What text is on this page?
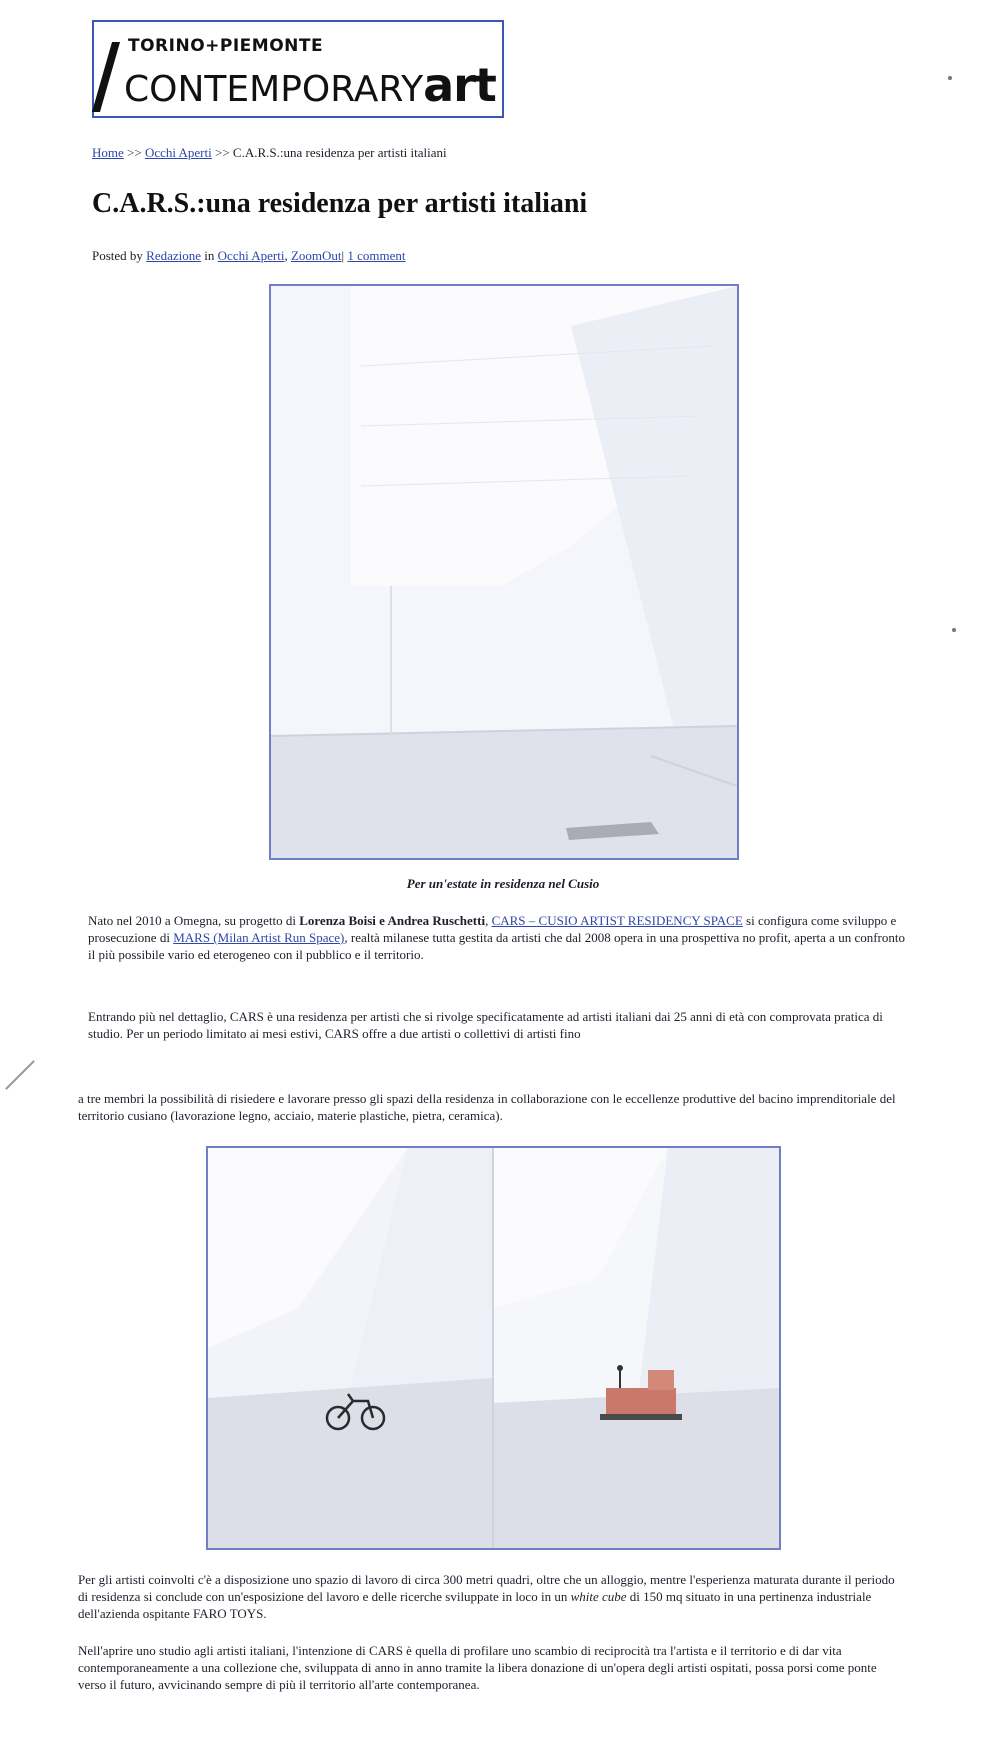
TORINO+PIEMONTE
CONTEMPORARYart
Home >> Occhi Aperti >> C.A.R.S.:una residenza per artisti italiani
C.A.R.S.:una residenza per artisti italiani
Posted by Redazione in Occhi Aperti, ZoomOut| 1 comment
Per un'estate in residenza nel Cusio
Nato nel 2010 a Omegna, su progetto di Lorenza Boisi e Andrea Ruschetti, CARS – CUSIO ARTIST RESIDENCY SPACE si configura come sviluppo e prosecuzione di MARS (Milan Artist Run Space), realtà milanese tutta gestita da artisti che dal 2008 opera in una prospettiva no profit, aperta a un confronto il più possibile vario ed eterogeneo con il pubblico e il territorio.
Entrando più nel dettaglio, CARS è una residenza per artisti che si rivolge specificatamente ad artisti italiani dai 25 anni di età con comprovata pratica di studio. Per un periodo limitato ai mesi estivi, CARS offre a due artisti o collettivi di artisti fino
a tre membri la possibilità di risiedere e lavorare presso gli spazi della residenza in collaborazione con le eccellenze produttive del bacino imprenditoriale del territorio cusiano (lavorazione legno, acciaio, materie plastiche, pietra, ceramica).
Per gli artisti coinvolti c'è a disposizione uno spazio di lavoro di circa 300 metri quadri, oltre che un alloggio, mentre l'esperienza maturata durante il periodo di residenza si conclude con un'esposizione del lavoro e delle ricerche sviluppate in loco in un white cube di 150 mq situato in una pertinenza industriale dell'azienda ospitante FARO TOYS.
Nell'aprire uno studio agli artisti italiani, l'intenzione di CARS è quella di profilare uno scambio di reciprocità tra l'artista e il territorio e di dar vita contemporaneamente a una collezione che, sviluppata di anno in anno tramite la libera donazione di un'opera degli artisti ospitati, possa porsi come ponte verso il futuro, avvicinando sempre di più il territorio all'arte contemporanea.
